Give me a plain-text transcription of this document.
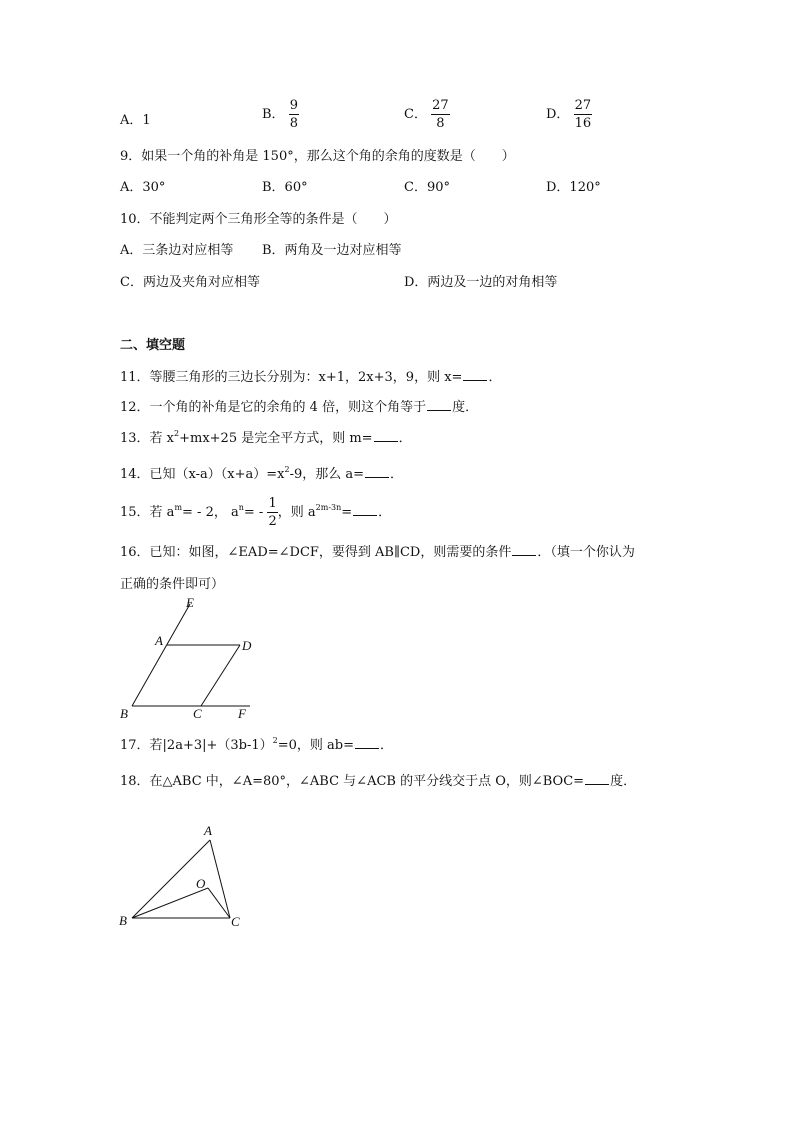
A．1	B． $\frac{9}{8}$	C． $\frac{27}{8}$	D． $\frac{27}{16}$
9．如果一个角的补角是 150°，那么这个角的余角的度数是（　　）
A．30°	B．60°	C．90°	D．120°
10．不能判定两个三角形全等的条件是（　　）
A．三条边对应相等 B．两角及一边对应相等
C．两边及夹角对应相等	D．两边及一边的对角相等
二、填空题
11．等腰三角形的三边长分别为：x+1，2x+3，9，则 x= ．
12．一个角的补角是它的余角的 4 倍，则这个角等于 度．
13．若 $x^2+mx+25$ 是完全平方式，则 m= ．
14．已知$(x-a)(x+a)=x^2-9$，那么 a= ．
15．若 $a^m= - 2$， $a^n= - \frac{1}{2}$ ，则 $a^{2m-3n}=$ ．
16．已知：如图，∠EAD=∠DCF，要得到 AB∥CD，则需要的条件 ．（填一个你认为
正确的条件即可）
E
A	D
B	C	F
17．若$|2a+3|+(3b-1)^2=0$，则 ab= ．
18．在△ABC 中，∠A=80°，∠ABC 与∠ACB 的平分线交于点 O，则∠BOC= 度．
A
O
B	C
